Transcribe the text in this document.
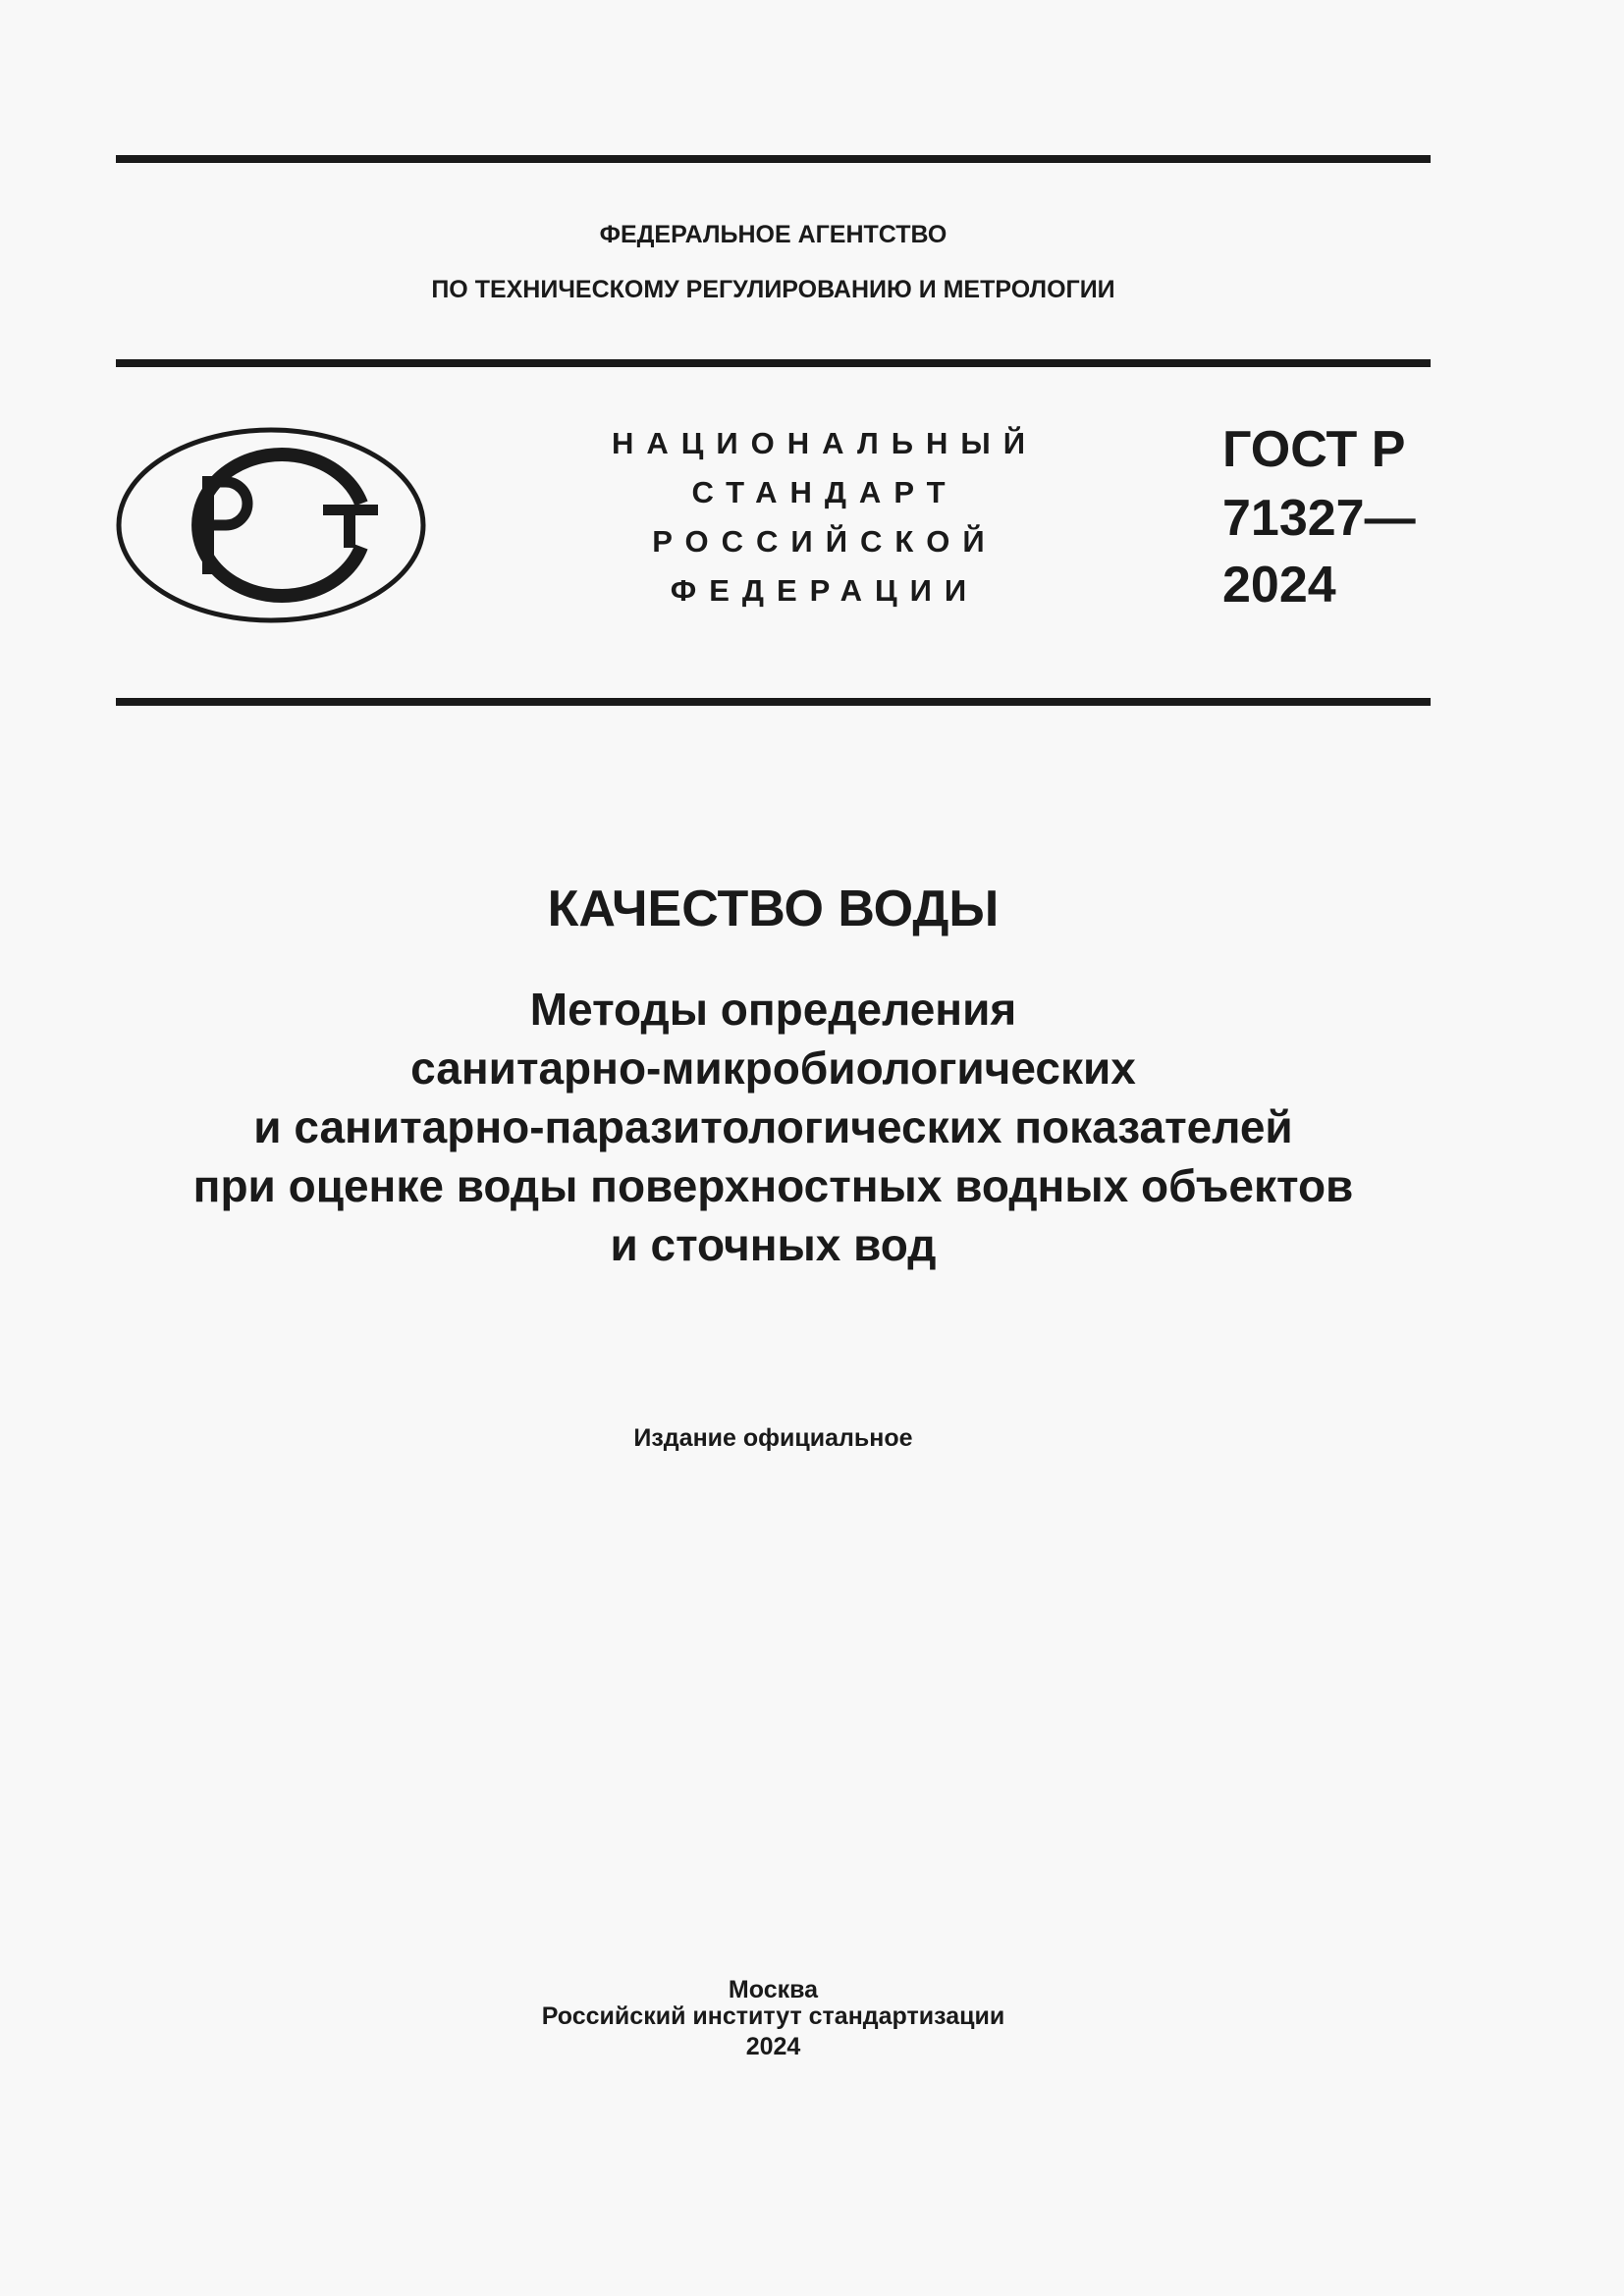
ФЕДЕРАЛЬНОЕ АГЕНТСТВО
ПО ТЕХНИЧЕСКОМУ РЕГУЛИРОВАНИЮ И МЕТРОЛОГИИ
НАЦИОНАЛЬНЫЙ
СТАНДАРТ
РОССИЙСКОЙ
ФЕДЕРАЦИИ
ГОСТ Р
71327—
2024
КАЧЕСТВО ВОДЫ
Методы определения
санитарно-микробиологических
и санитарно-паразитологических показателей
при оценке воды поверхностных водных объектов
и сточных вод
Издание официальное
Москва
Российский институт стандартизации
2024
